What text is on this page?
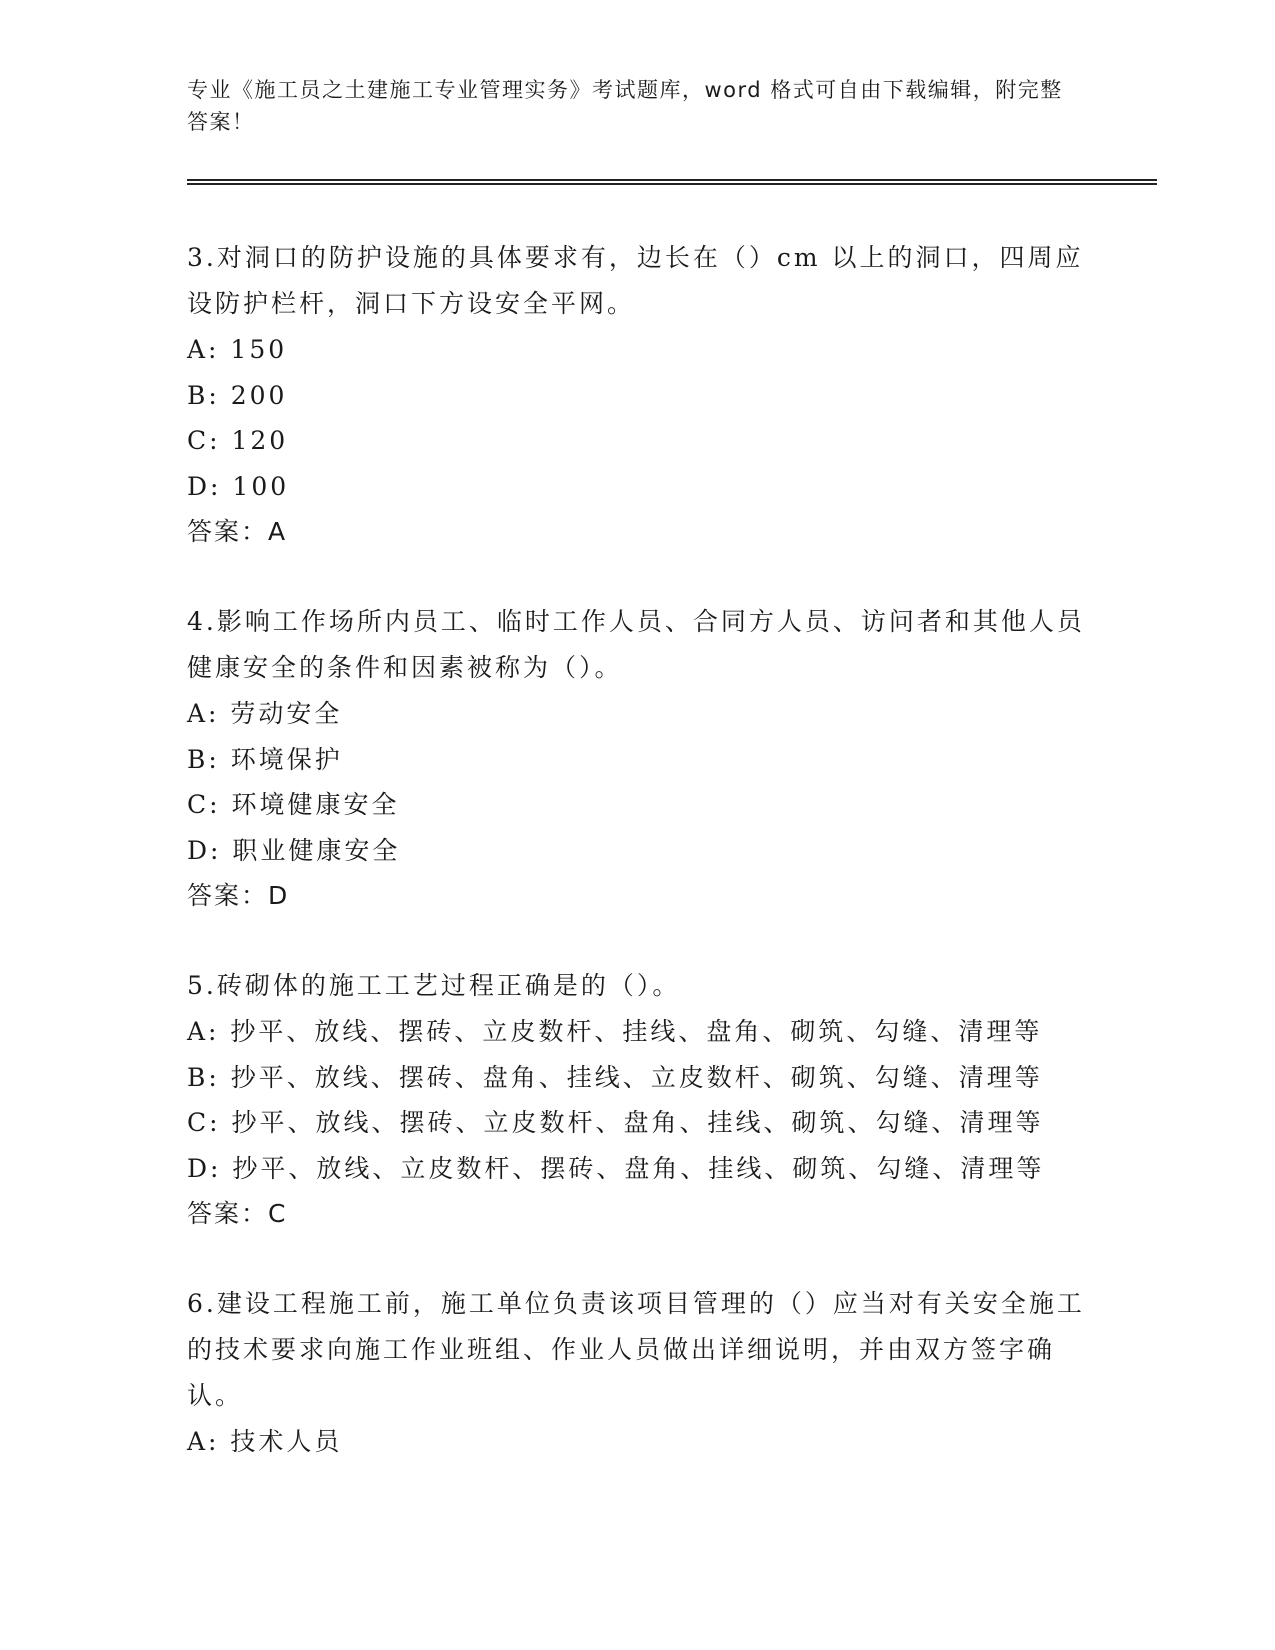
专业《施工员之土建施工专业管理实务》考试题库，word 格式可自由下载编辑，附完整答案！

3.对洞口的防护设施的具体要求有，边长在（）cm 以上的洞口，四周应设防护栏杆，洞口下方设安全平网。

A: 150

B: 200

C: 120

D: 100

答案：A

4.影响工作场所内员工、临时工作人员、合同方人员、访问者和其他人员健康安全的条件和因素被称为（）。

A: 劳动安全

B: 环境保护

C: 环境健康安全

D: 职业健康安全

答案：D

5.砖砌体的施工工艺过程正确是的（）。

A: 抄平、放线、摆砖、立皮数杆、挂线、盘角、砌筑、勾缝、清理等

B: 抄平、放线、摆砖、盘角、挂线、立皮数杆、砌筑、勾缝、清理等

C: 抄平、放线、摆砖、立皮数杆、盘角、挂线、砌筑、勾缝、清理等

D: 抄平、放线、立皮数杆、摆砖、盘角、挂线、砌筑、勾缝、清理等

答案：C

6.建设工程施工前，施工单位负责该项目管理的（）应当对有关安全施工的技术要求向施工作业班组、作业人员做出详细说明，并由双方签字确认。

A: 技术人员
